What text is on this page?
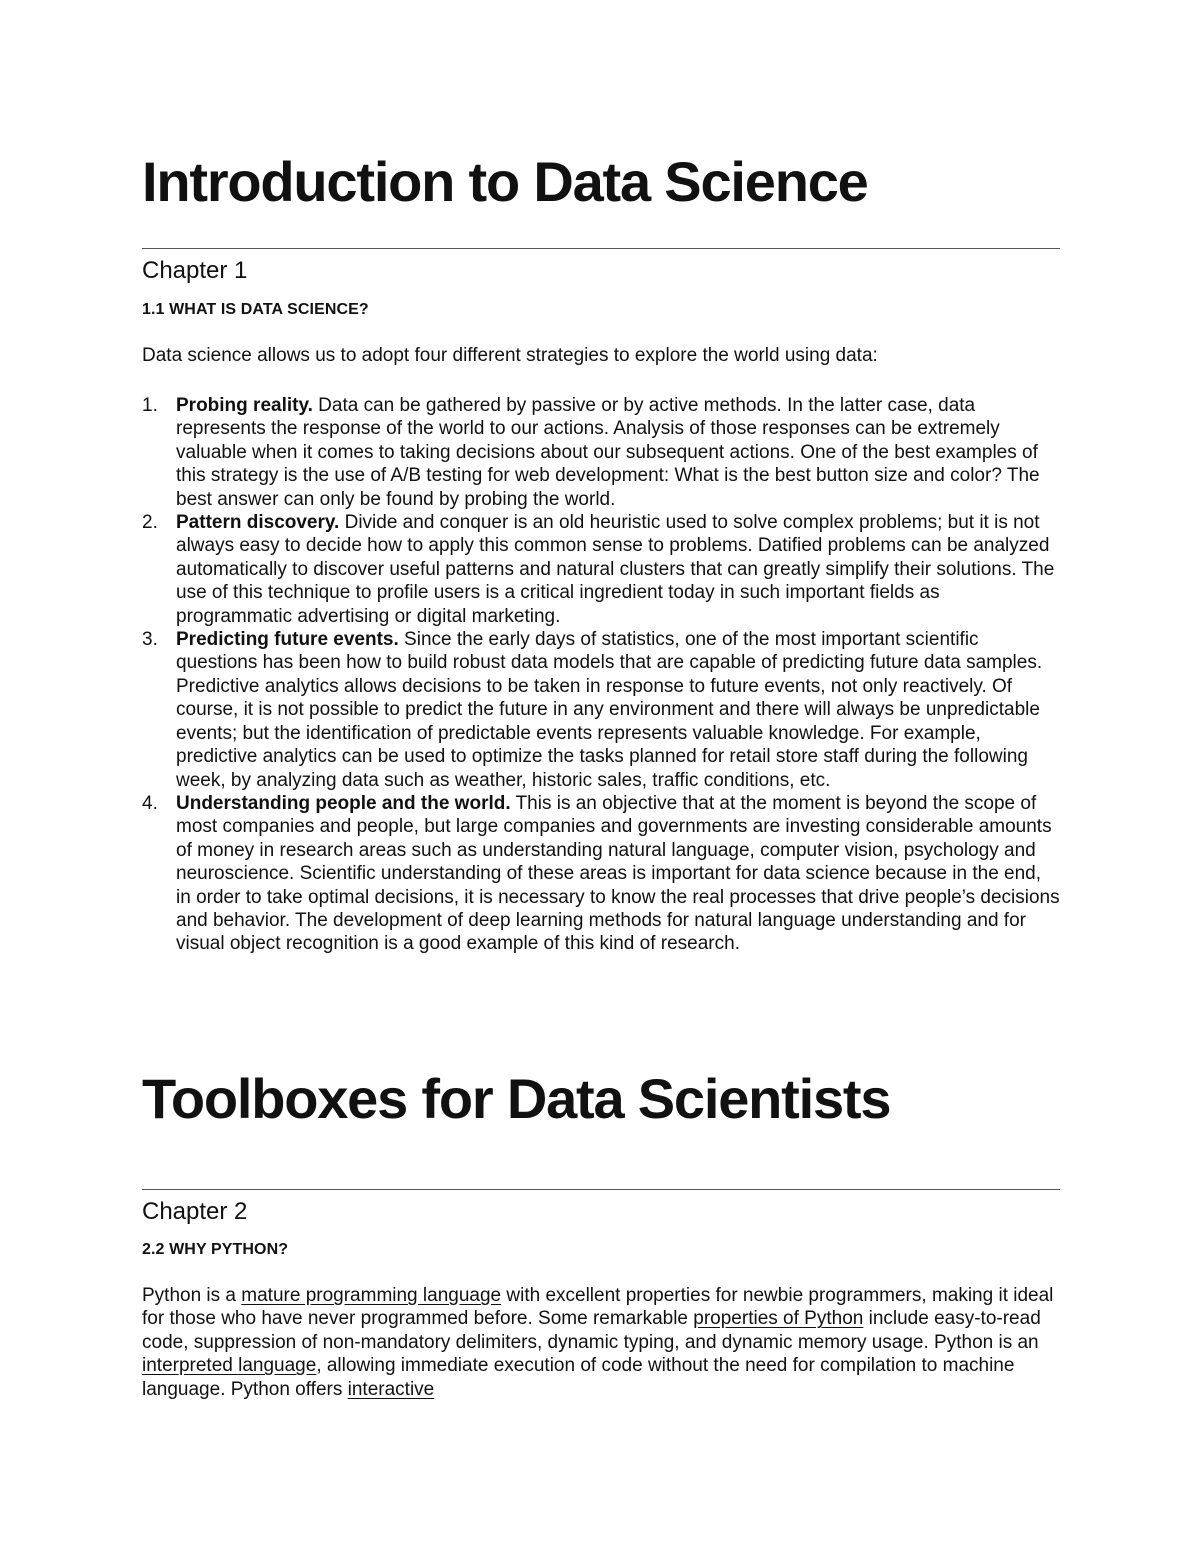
Introduction to Data Science
Chapter 1
1.1 WHAT IS DATA SCIENCE?

Data science allows us to adopt four different strategies to explore the world using data:

1. Probing reality. Data can be gathered by passive or by active methods. In the latter case, data represents the response of the world to our actions. Analysis of those responses can be extremely valuable when it comes to taking decisions about our subsequent actions. One of the best examples of this strategy is the use of A/B testing for web development: What is the best button size and color? The best answer can only be found by probing the world.
2. Pattern discovery. Divide and conquer is an old heuristic used to solve complex problems; but it is not always easy to decide how to apply this common sense to problems. Datified problems can be analyzed automatically to discover useful patterns and natural clusters that can greatly simplify their solutions. The use of this technique to profile users is a critical ingredient today in such important fields as programmatic advertising or digital marketing.
3. Predicting future events. Since the early days of statistics, one of the most important scientific questions has been how to build robust data models that are capable of predicting future data samples. Predictive analytics allows decisions to be taken in response to future events, not only reactively. Of course, it is not possible to predict the future in any environment and there will always be unpredictable events; but the identification of predictable events represents valuable knowledge. For example, predictive analytics can be used to optimize the tasks planned for retail store staff during the following week, by analyzing data such as weather, historic sales, traffic conditions, etc.
4. Understanding people and the world. This is an objective that at the moment is beyond the scope of most companies and people, but large companies and governments are investing considerable amounts of money in research areas such as understanding natural language, computer vision, psychology and neuroscience. Scientific understanding of these areas is important for data science because in the end, in order to take optimal decisions, it is necessary to know the real processes that drive people’s decisions and behavior. The development of deep learning methods for natural language understanding and for visual object recognition is a good example of this kind of research.
Toolboxes for Data Scientists
Chapter 2
2.2 WHY PYTHON?

Python is a mature programming language with excellent properties for newbie programmers, making it ideal for those who have never programmed before. Some remarkable properties of Python include easy-to-read code, suppression of non-mandatory delimiters, dynamic typing, and dynamic memory usage. Python is an interpreted language, allowing immediate execution of code without the need for compilation to machine language. Python offers interactive
